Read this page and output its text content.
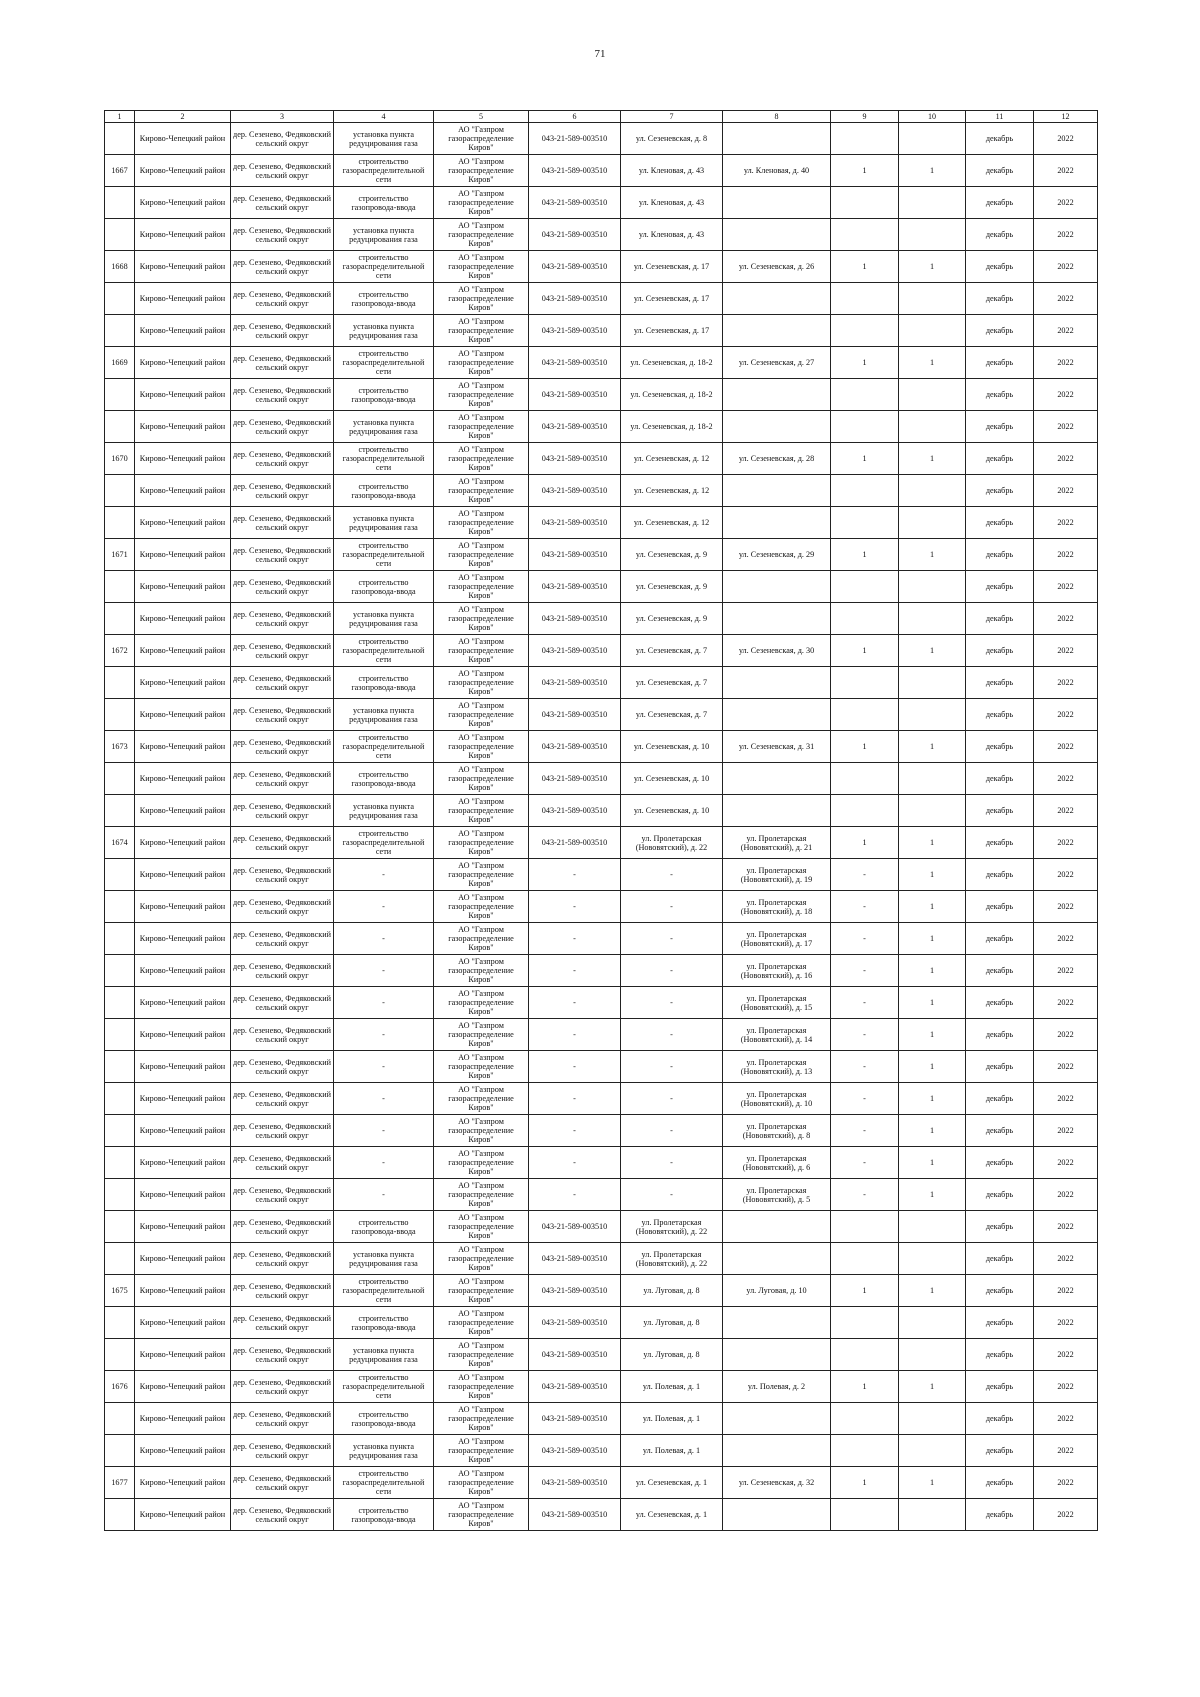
71
1	2	3	4	5	6	7	8	9	10	11	12

	Кирово-Чепецкий район	дер. Сезенево, Федяковский сельский округ	установка пункта редуцирования газа	АО "Газпром газораспределение Киров"	043-21-589-003510	ул. Сезеневская, д. 8				декабрь	2022

1667	Кирово-Чепецкий район	дер. Сезенево, Федяковский сельский округ	строительство газораспределительной сети	АО "Газпром газораспределение Киров"	043-21-589-003510	ул. Кленовая, д. 43	ул. Кленовая, д. 40	1	1	декабрь	2022

	Кирово-Чепецкий район	дер. Сезенево, Федяковский сельский округ	строительство газопровода-ввода	АО "Газпром газораспределение Киров"	043-21-589-003510	ул. Кленовая, д. 43				декабрь	2022

	Кирово-Чепецкий район	дер. Сезенево, Федяковский сельский округ	установка пункта редуцирования газа	АО "Газпром газораспределение Киров"	043-21-589-003510	ул. Кленовая, д. 43				декабрь	2022

1668	Кирово-Чепецкий район	дер. Сезенево, Федяковский сельский округ	строительство газораспределительной сети	АО "Газпром газораспределение Киров"	043-21-589-003510	ул. Сезеневская, д. 17	ул. Сезеневская, д. 26	1	1	декабрь	2022

	Кирово-Чепецкий район	дер. Сезенево, Федяковский сельский округ	строительство газопровода-ввода	АО "Газпром газораспределение Киров"	043-21-589-003510	ул. Сезеневская, д. 17				декабрь	2022

	Кирово-Чепецкий район	дер. Сезенево, Федяковский сельский округ	установка пункта редуцирования газа	АО "Газпром газораспределение Киров"	043-21-589-003510	ул. Сезеневская, д. 17				декабрь	2022

1669	Кирово-Чепецкий район	дер. Сезенево, Федяковский сельский округ	строительство газораспределительной сети	АО "Газпром газораспределение Киров"	043-21-589-003510	ул. Сезеневская, д. 18-2	ул. Сезеневская, д. 27	1	1	декабрь	2022

	Кирово-Чепецкий район	дер. Сезенево, Федяковский сельский округ	строительство газопровода-ввода	АО "Газпром газораспределение Киров"	043-21-589-003510	ул. Сезеневская, д. 18-2				декабрь	2022

	Кирово-Чепецкий район	дер. Сезенево, Федяковский сельский округ	установка пункта редуцирования газа	АО "Газпром газораспределение Киров"	043-21-589-003510	ул. Сезеневская, д. 18-2				декабрь	2022

1670	Кирово-Чепецкий район	дер. Сезенево, Федяковский сельский округ	строительство газораспределительной сети	АО "Газпром газораспределение Киров"	043-21-589-003510	ул. Сезеневская, д. 12	ул. Сезеневская, д. 28	1	1	декабрь	2022

	Кирово-Чепецкий район	дер. Сезенево, Федяковский сельский округ	строительство газопровода-ввода	АО "Газпром газораспределение Киров"	043-21-589-003510	ул. Сезеневская, д. 12				декабрь	2022

	Кирово-Чепецкий район	дер. Сезенево, Федяковский сельский округ	установка пункта редуцирования газа	АО "Газпром газораспределение Киров"	043-21-589-003510	ул. Сезеневская, д. 12				декабрь	2022

1671	Кирово-Чепецкий район	дер. Сезенево, Федяковский сельский округ	строительство газораспределительной сети	АО "Газпром газораспределение Киров"	043-21-589-003510	ул. Сезеневская, д. 9	ул. Сезеневская, д. 29	1	1	декабрь	2022

	Кирово-Чепецкий район	дер. Сезенево, Федяковский сельский округ	строительство газопровода-ввода	АО "Газпром газораспределение Киров"	043-21-589-003510	ул. Сезеневская, д. 9				декабрь	2022

	Кирово-Чепецкий район	дер. Сезенево, Федяковский сельский округ	установка пункта редуцирования газа	АО "Газпром газораспределение Киров"	043-21-589-003510	ул. Сезеневская, д. 9				декабрь	2022

1672	Кирово-Чепецкий район	дер. Сезенево, Федяковский сельский округ	строительство газораспределительной сети	АО "Газпром газораспределение Киров"	043-21-589-003510	ул. Сезеневская, д. 7	ул. Сезеневская, д. 30	1	1	декабрь	2022

	Кирово-Чепецкий район	дер. Сезенево, Федяковский сельский округ	строительство газопровода-ввода	АО "Газпром газораспределение Киров"	043-21-589-003510	ул. Сезеневская, д. 7				декабрь	2022

	Кирово-Чепецкий район	дер. Сезенево, Федяковский сельский округ	установка пункта редуцирования газа	АО "Газпром газораспределение Киров"	043-21-589-003510	ул. Сезеневская, д. 7				декабрь	2022

1673	Кирово-Чепецкий район	дер. Сезенево, Федяковский сельский округ	строительство газораспределительной сети	АО "Газпром газораспределение Киров"	043-21-589-003510	ул. Сезеневская, д. 10	ул. Сезеневская, д. 31	1	1	декабрь	2022

	Кирово-Чепецкий район	дер. Сезенево, Федяковский сельский округ	строительство газопровода-ввода	АО "Газпром газораспределение Киров"	043-21-589-003510	ул. Сезеневская, д. 10				декабрь	2022

	Кирово-Чепецкий район	дер. Сезенево, Федяковский сельский округ	установка пункта редуцирования газа	АО "Газпром газораспределение Киров"	043-21-589-003510	ул. Сезеневская, д. 10				декабрь	2022

1674	Кирово-Чепецкий район	дер. Сезенево, Федяковский сельский округ	строительство газораспределительной сети	АО "Газпром газораспределение Киров"	043-21-589-003510	ул. Пролетарская (Нововятский), д. 22	ул. Пролетарская (Нововятский), д. 21	1	1	декабрь	2022

	Кирово-Чепецкий район	дер. Сезенево, Федяковский сельский округ	-	АО "Газпром газораспределение Киров"	-	-	ул. Пролетарская (Нововятский), д. 19	-	1	декабрь	2022

	Кирово-Чепецкий район	дер. Сезенево, Федяковский сельский округ	-	АО "Газпром газораспределение Киров"	-	-	ул. Пролетарская (Нововятский), д. 18	-	1	декабрь	2022

	Кирово-Чепецкий район	дер. Сезенево, Федяковский сельский округ	-	АО "Газпром газораспределение Киров"	-	-	ул. Пролетарская (Нововятский), д. 17	-	1	декабрь	2022

	Кирово-Чепецкий район	дер. Сезенево, Федяковский сельский округ	-	АО "Газпром газораспределение Киров"	-	-	ул. Пролетарская (Нововятский), д. 16	-	1	декабрь	2022

	Кирово-Чепецкий район	дер. Сезенево, Федяковский сельский округ	-	АО "Газпром газораспределение Киров"	-	-	ул. Пролетарская (Нововятский), д. 15	-	1	декабрь	2022

	Кирово-Чепецкий район	дер. Сезенево, Федяковский сельский округ	-	АО "Газпром газораспределение Киров"	-	-	ул. Пролетарская (Нововятский), д. 14	-	1	декабрь	2022

	Кирово-Чепецкий район	дер. Сезенево, Федяковский сельский округ	-	АО "Газпром газораспределение Киров"	-	-	ул. Пролетарская (Нововятский), д. 13	-	1	декабрь	2022

	Кирово-Чепецкий район	дер. Сезенево, Федяковский сельский округ	-	АО "Газпром газораспределение Киров"	-	-	ул. Пролетарская (Нововятский), д. 10	-	1	декабрь	2022

	Кирово-Чепецкий район	дер. Сезенево, Федяковский сельский округ	-	АО "Газпром газораспределение Киров"	-	-	ул. Пролетарская (Нововятский), д. 8	-	1	декабрь	2022

	Кирово-Чепецкий район	дер. Сезенево, Федяковский сельский округ	-	АО "Газпром газораспределение Киров"	-	-	ул. Пролетарская (Нововятский), д. 6	-	1	декабрь	2022

	Кирово-Чепецкий район	дер. Сезенево, Федяковский сельский округ	-	АО "Газпром газораспределение Киров"	-	-	ул. Пролетарская (Нововятский), д. 5	-	1	декабрь	2022

	Кирово-Чепецкий район	дер. Сезенево, Федяковский сельский округ	строительство газопровода-ввода	АО "Газпром газораспределение Киров"	043-21-589-003510	ул. Пролетарская (Нововятский), д. 22				декабрь	2022

	Кирово-Чепецкий район	дер. Сезенево, Федяковский сельский округ	установка пункта редуцирования газа	АО "Газпром газораспределение Киров"	043-21-589-003510	ул. Пролетарская (Нововятский), д. 22				декабрь	2022

1675	Кирово-Чепецкий район	дер. Сезенево, Федяковский сельский округ	строительство газораспределительной сети	АО "Газпром газораспределение Киров"	043-21-589-003510	ул. Луговая, д. 8	ул. Луговая, д. 10	1	1	декабрь	2022

	Кирово-Чепецкий район	дер. Сезенево, Федяковский сельский округ	строительство газопровода-ввода	АО "Газпром газораспределение Киров"	043-21-589-003510	ул. Луговая, д. 8				декабрь	2022

	Кирово-Чепецкий район	дер. Сезенево, Федяковский сельский округ	установка пункта редуцирования газа	АО "Газпром газораспределение Киров"	043-21-589-003510	ул. Луговая, д. 8				декабрь	2022

1676	Кирово-Чепецкий район	дер. Сезенево, Федяковский сельский округ	строительство газораспределительной сети	АО "Газпром газораспределение Киров"	043-21-589-003510	ул. Полевая, д. 1	ул. Полевая, д. 2	1	1	декабрь	2022

	Кирово-Чепецкий район	дер. Сезенево, Федяковский сельский округ	строительство газопровода-ввода	АО "Газпром газораспределение Киров"	043-21-589-003510	ул. Полевая, д. 1				декабрь	2022

	Кирово-Чепецкий район	дер. Сезенево, Федяковский сельский округ	установка пункта редуцирования газа	АО "Газпром газораспределение Киров"	043-21-589-003510	ул. Полевая, д. 1				декабрь	2022

1677	Кирово-Чепецкий район	дер. Сезенево, Федяковский сельский округ	строительство газораспределительной сети	АО "Газпром газораспределение Киров"	043-21-589-003510	ул. Сезеневская, д. 1	ул. Сезеневская, д. 32	1	1	декабрь	2022

	Кирово-Чепецкий район	дер. Сезенево, Федяковский сельский округ	строительство газопровода-ввода	АО "Газпром газораспределение Киров"	043-21-589-003510	ул. Сезеневская, д. 1				декабрь	2022
